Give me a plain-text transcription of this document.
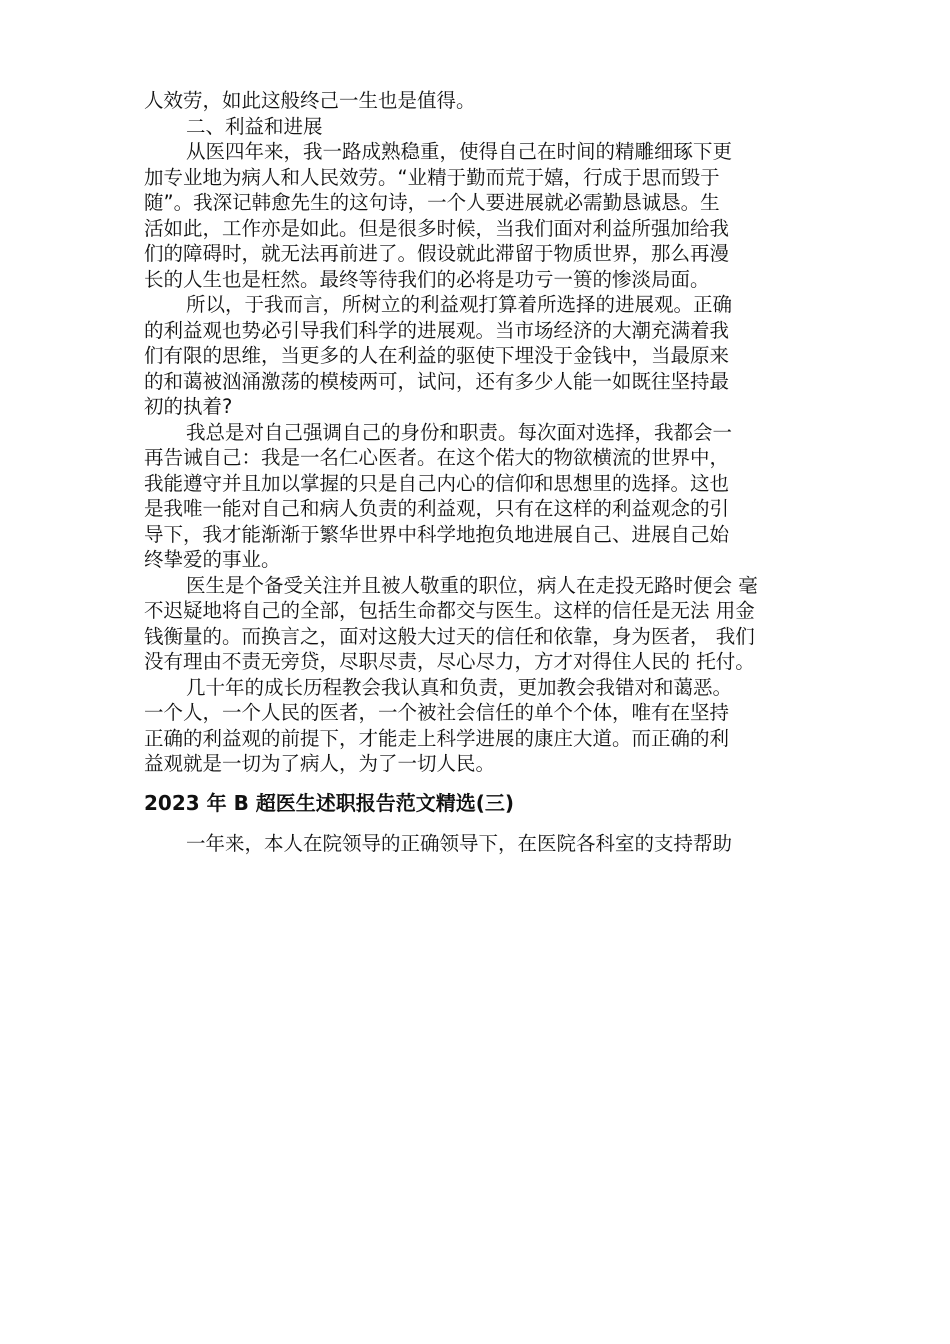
人效劳，如此这般终己一生也是值得。
二、利益和进展
从医四年来，我一路成熟稳重，使得自己在时间的精雕细琢下更
加专业地为病人和人民效劳。“业精于勤而荒于嬉，行成于思而毁于
随”。我深记韩愈先生的这句诗，一个人要进展就必需勤恳诚恳。生
活如此，工作亦是如此。但是很多时候，当我们面对利益所强加给我
们的障碍时，就无法再前进了。假设就此滞留于物质世界，那么再漫
长的人生也是枉然。最终等待我们的必将是功亏一篑的惨淡局面。
所以，于我而言，所树立的利益观打算着所选择的进展观。正确
的利益观也势必引导我们科学的进展观。当市场经济的大潮充满着我
们有限的思维，当更多的人在利益的驱使下埋没于金钱中，当最原来
的和蔼被汹涌激荡的模棱两可，试问，还有多少人能一如既往坚持最
初的执着?
我总是对自己强调自己的身份和职责。每次面对选择，我都会一
再告诫自己：我是一名仁心医者。在这个偌大的物欲横流的世界中，
我能遵守并且加以掌握的只是自己内心的信仰和思想里的选择。这也
是我唯一能对自己和病人负责的利益观，只有在这样的利益观念的引
导下，我才能渐渐于繁华世界中科学地抱负地进展自己、进展自己始
终挚爱的事业。
医生是个备受关注并且被人敬重的职位，病人在走投无路时便会 毫
不迟疑地将自己的全部，包括生命都交与医生。这样的信任是无法 用金
钱衡量的。而换言之，面对这般大过天的信任和依靠，身为医者， 我们
没有理由不责无旁贷，尽职尽责，尽心尽力，方才对得住人民的 托付。
几十年的成长历程教会我认真和负责，更加教会我错对和蔼恶。
一个人，一个人民的医者，一个被社会信任的单个个体，唯有在坚持
正确的利益观的前提下，才能走上科学进展的康庄大道。而正确的利
益观就是一切为了病人，为了一切人民。
2023 年 B 超医生述职报告范文精选(三)
一年来，本人在院领导的正确领导下，在医院各科室的支持帮助
